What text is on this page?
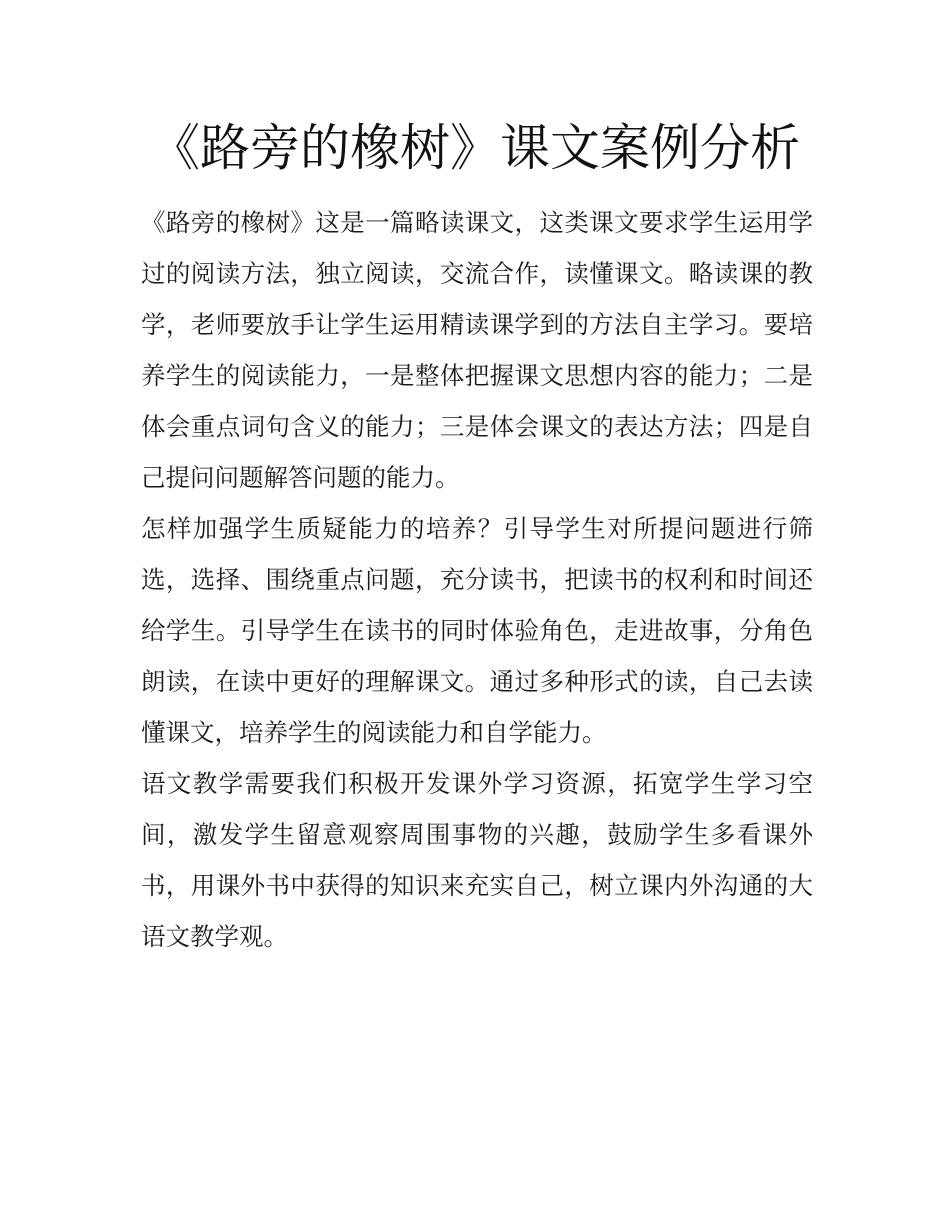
《路旁的橡树》课文案例分析

《路旁的橡树》这是一篇略读课文，这类课文要求学生运用学过的阅读方法，独立阅读，交流合作，读懂课文。略读课的教学，老师要放手让学生运用精读课学到的方法自主学习。要培养学生的阅读能力，一是整体把握课文思想内容的能力；二是体会重点词句含义的能力；三是体会课文的表达方法；四是自己提问问题解答问题的能力。

怎样加强学生质疑能力的培养？引导学生对所提问题进行筛选，选择、围绕重点问题，充分读书，把读书的权利和时间还给学生。引导学生在读书的同时体验角色，走进故事，分角色朗读，在读中更好的理解课文。通过多种形式的读，自己去读懂课文，培养学生的阅读能力和自学能力。

语文教学需要我们积极开发课外学习资源，拓宽学生学习空间，激发学生留意观察周围事物的兴趣，鼓励学生多看课外书，用课外书中获得的知识来充实自己，树立课内外沟通的大语文教学观。
